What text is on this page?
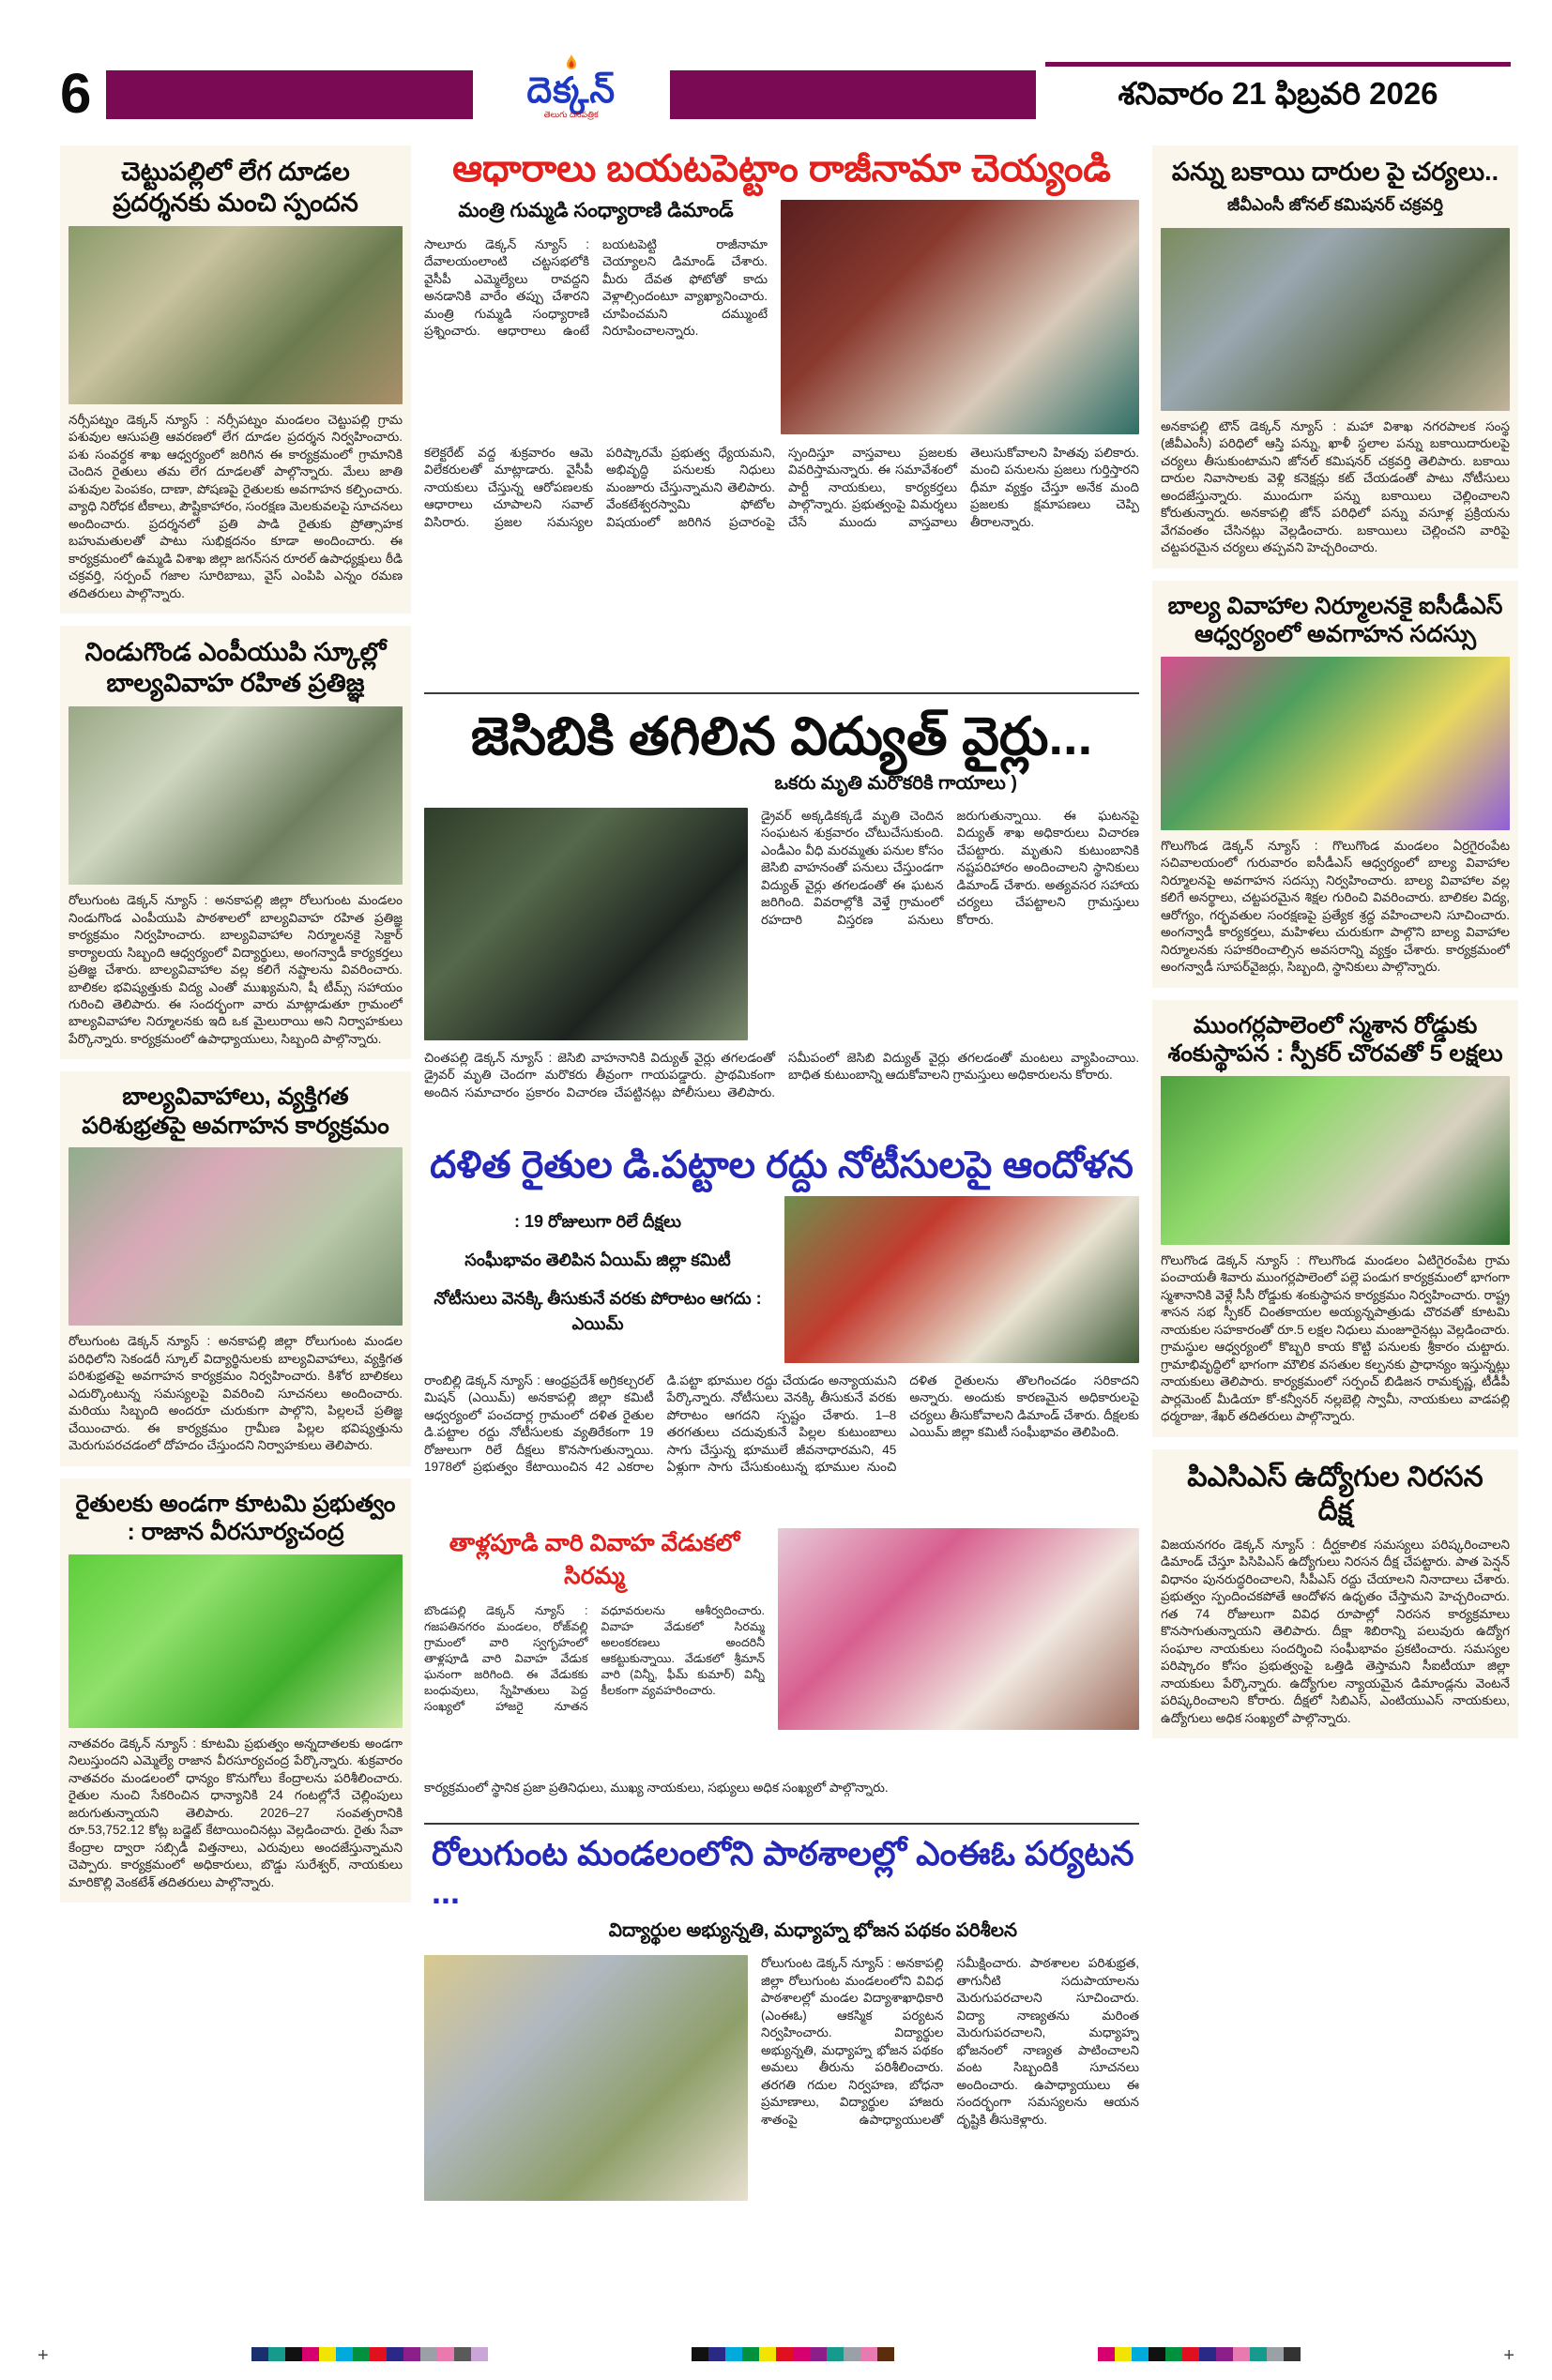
6	దెక్కన్
తెలుగు దినపత్రిక
శనివారం 21 ఫిబ్రవరి 2026
చెట్టుపల్లిలో లేగ దూడల ప్రదర్శనకు మంచి స్పందన
నర్సీపట్నం డెక్కన్ న్యూస్ : నర్సీపట్నం మండలం చెట్టుపల్లి గ్రామ పశువుల ఆసుపత్రి ఆవరణలో లేగ దూడల ప్రదర్శన నిర్వహించారు. పశు సంవర్ధక శాఖ ఆధ్వర్యంలో జరిగిన ఈ కార్యక్రమంలో గ్రామానికి చెందిన రైతులు తమ లేగ దూడలతో పాల్గొన్నారు. మేలు జాతి పశువుల పెంపకం, దాణా, పోషణపై రైతులకు అవగాహన కల్పించారు. వ్యాధి నిరోధక టీకాలు, పౌష్టికాహారం, సంరక్షణ మెలకువలపై సూచనలు అందించారు. ప్రదర్శనలో ప్రతి పాడి రైతుకు ప్రోత్సాహక బహుమతులతో పాటు సుభిక్షదనం కూడా అందించారు. ఈ కార్యక్రమంలో ఉమ్మడి విశాఖ జిల్లా జగన్‌సన రూరల్ ఉపాధ్యక్షులు ఠీడి చక్రవర్తి, సర్పంచ్ గజాల సూరిబాబు, వైస్ ఎంపిపి ఎన్నం రమణ తదితరులు పాల్గొన్నారు.
నిండుగొండ ఎంపీయుపి స్కూల్లో బాల్యవివాహ రహిత ప్రతిజ్ఞ
రోలుగుంట డెక్కన్ న్యూస్ : అనకాపల్లి జిల్లా రోలుగుంట మండలం నిండుగొండ ఎంపీయుపి పాఠశాలలో బాల్యవివాహ రహిత ప్రతిజ్ఞ కార్యక్రమం నిర్వహించారు. బాల్యవివాహాల నిర్మూలనకై సెక్టార్ కార్యాలయ సిబ్బంది ఆధ్వర్యంలో విద్యార్థులు, అంగన్వాడీ కార్యకర్తలు ప్రతిజ్ఞ చేశారు. బాల్యవివాహాల వల్ల కలిగే నష్టాలను వివరించారు. బాలికల భవిష్యత్తుకు విద్య ఎంతో ముఖ్యమని, షీ టీమ్స్ సహాయం గురించి తెలిపారు. ఈ సందర్భంగా వారు మాట్లాడుతూ గ్రామంలో బాల్యవివాహాల నిర్మూలనకు ఇది ఒక మైలురాయి అని నిర్వాహకులు పేర్కొన్నారు. కార్యక్రమంలో ఉపాధ్యాయులు, సిబ్బంది పాల్గొన్నారు.
బాల్యవివాహాలు, వ్యక్తిగత పరిశుభ్రతపై అవగాహన కార్యక్రమం
రోలుగుంట డెక్కన్ న్యూస్ : అనకాపల్లి జిల్లా రోలుగుంట మండల పరిధిలోని సెకండరీ స్కూల్ విద్యార్థినులకు బాల్యవివాహాలు, వ్యక్తిగత పరిశుభ్రతపై అవగాహన కార్యక్రమం నిర్వహించారు. కిశోర బాలికలు ఎదుర్కొంటున్న సమస్యలపై వివరించి సూచనలు అందించారు. మరియు సిబ్బంది అందరూ చురుకుగా పాల్గొని, పిల్లలచే ప్రతిజ్ఞ చేయించారు. ఈ కార్యక్రమం గ్రామీణ పిల్లల భవిష్యత్తును మెరుగుపరచడంలో దోహదం చేస్తుందని నిర్వాహకులు తెలిపారు.
రైతులకు అండగా కూటమి ప్రభుత్వం : రాజాన వీరసూర్యచంద్ర
నాతవరం డెక్కన్ న్యూస్ : కూటమి ప్రభుత్వం అన్నదాతలకు అండగా నిలుస్తుందని ఎమ్మెల్యే రాజాన వీరసూర్యచంద్ర పేర్కొన్నారు. శుక్రవారం నాతవరం మండలంలో ధాన్యం కొనుగోలు కేంద్రాలను పరిశీలించారు. రైతుల నుంచి సేకరించిన ధాన్యానికి 24 గంటల్లోనే చెల్లింపులు జరుగుతున్నాయని తెలిపారు. 2026–27 సంవత్సరానికి రూ.53,752.12 కోట్ల బడ్జెట్ కేటాయించినట్లు వెల్లడించారు. రైతు సేవా కేంద్రాల ద్వారా సబ్సిడీ విత్తనాలు, ఎరువులు అందజేస్తున్నామని చెప్పారు. కార్యక్రమంలో అధికారులు, బొడ్డు సురేశ్వర్, నాయకులు మారికొల్లి వెంకటేశ్ తదితరులు పాల్గొన్నారు.
ఆధారాలు బయటపెట్టాం రాజీనామా చెయ్యండి
మంత్రి గుమ్మడి సంధ్యారాణి డిమాండ్
సాలూరు డెక్కన్ న్యూస్ : దేవాలయంలాంటి చట్టసభలోకి వైసీపీ ఎమ్మెల్యేలు రావద్దని అనడానికి వారేం తప్పు చేశారని మంత్రి గుమ్మడి సంధ్యారాణి ప్రశ్నించారు. ఆధారాలు ఉంటే బయటపెట్టి రాజీనామా చెయ్యాలని డిమాండ్ చేశారు. మీరు దేవత ఫోటోతో కాదు వెళ్లాల్సిందంటూ వ్యాఖ్యానించారు. చూపించమని దమ్ముంటే నిరూపించాలన్నారు.
కలెక్టరేట్ వద్ద శుక్రవారం ఆమె విలేకరులతో మాట్లాడారు. వైసీపీ నాయకులు చేస్తున్న ఆరోపణలకు ఆధారాలు చూపాలని సవాల్ విసిరారు. ప్రజల సమస్యల పరిష్కారమే ప్రభుత్వ ధ్యేయమని, అభివృద్ధి పనులకు నిధులు మంజూరు చేస్తున్నామని తెలిపారు. వేంకటేశ్వరస్వామి ఫోటోల విషయంలో జరిగిన ప్రచారంపై స్పందిస్తూ వాస్తవాలు ప్రజలకు వివరిస్తామన్నారు. ఈ సమావేశంలో పార్టీ నాయకులు, కార్యకర్తలు పాల్గొన్నారు. ప్రభుత్వంపై విమర్శలు చేసే ముందు వాస్తవాలు తెలుసుకోవాలని హితవు పలికారు. మంచి పనులను ప్రజలు గుర్తిస్తారని ధీమా వ్యక్తం చేస్తూ అనేక మంది ప్రజలకు క్షమాపణలు చెప్పి తీరాలన్నారు.
జెసిబికి తగిలిన విద్యుత్ వైర్లు...
ఒకరు మృతి మరొకరికి గాయాలు )
డ్రైవర్ అక్కడికక్కడే మృతి చెందిన సంఘటన శుక్రవారం చోటుచేసుకుంది. ఎండీఎం వీధి మరమ్మతు పనుల కోసం జెసిబి వాహనంతో పనులు చేస్తుండగా విద్యుత్ వైర్లు తగలడంతో ఈ ఘటన జరిగింది. వివరాల్లోకి వెళ్తే గ్రామంలో రహదారి విస్తరణ పనులు జరుగుతున్నాయి. ఈ ఘటనపై విద్యుత్ శాఖ అధికారులు విచారణ చేపట్టారు. మృతుని కుటుంబానికి నష్టపరిహారం అందించాలని స్థానికులు డిమాండ్ చేశారు. అత్యవసర సహాయ చర్యలు చేపట్టాలని గ్రామస్తులు కోరారు.
చింతపల్లి డెక్కన్ న్యూస్ : జెసిబి వాహనానికి విద్యుత్ వైర్లు తగలడంతో డ్రైవర్ మృతి చెందగా మరొకరు తీవ్రంగా గాయపడ్డారు. ప్రాథమికంగా అందిన సమాచారం ప్రకారం విచారణ చేపట్టినట్లు పోలీసులు తెలిపారు. సమీపంలో జెసిబి విద్యుత్ వైర్లు తగలడంతో మంటలు వ్యాపించాయి. బాధిత కుటుంబాన్ని ఆదుకోవాలని గ్రామస్తులు అధికారులను కోరారు.
దళిత రైతుల డి.పట్టాల రద్దు నోటీసులపై ఆందోళన
: 19 రోజులుగా రిలే దీక్షలు
సంఘీభావం తెలిపిన ఏయిమ్ జిల్లా కమిటీ
నోటీసులు వెనక్కి తీసుకునే వరకు పోరాటం ఆగదు : ఎయిమ్
రాంబిల్లి డెక్కన్ న్యూస్ : ఆంధ్రప్రదేశ్ అగ్రికల్చరల్ మిషన్ (ఎయిమ్) అనకాపల్లి జిల్లా కమిటీ ఆధ్వర్యంలో పంచదార్ల గ్రామంలో దళిత రైతుల డి.పట్టాల రద్దు నోటీసులకు వ్యతిరేకంగా 19 రోజులుగా రిలే దీక్షలు కొనసాగుతున్నాయి. 1978లో ప్రభుత్వం కేటాయించిన 42 ఎకరాల డి.పట్టా భూముల రద్దు చేయడం అన్యాయమని పేర్కొన్నారు. నోటీసులు వెనక్కి తీసుకునే వరకు పోరాటం ఆగదని స్పష్టం చేశారు. 1–8 తరగతులు చదువుకునే పిల్లల కుటుంబాలు సాగు చేస్తున్న భూములే జీవనాధారమని, 45 ఏళ్లుగా సాగు చేసుకుంటున్న భూముల నుంచి దళిత రైతులను తొలగించడం సరికాదని అన్నారు. అందుకు కారణమైన అధికారులపై చర్యలు తీసుకోవాలని డిమాండ్ చేశారు. దీక్షలకు ఎయిమ్ జిల్లా కమిటీ సంఘీభావం తెలిపింది.
తాళ్లపూడి వారి వివాహ వేడుకలో సిరమ్మ
బొండపల్లి డెక్కన్ న్యూస్ : గజపతినగరం మండలం, రోజ్‌వల్లి గ్రామంలో వారి స్వగృహంలో తాళ్లపూడి వారి వివాహ వేడుక ఘనంగా జరిగింది. ఈ వేడుకకు బంధువులు, స్నేహితులు పెద్ద సంఖ్యలో హాజరై నూతన వధూవరులను ఆశీర్వదించారు. వివాహ వేడుకలో సిరమ్మ అలంకరణలు అందరినీ ఆకట్టుకున్నాయి. వేడుకలో శ్రీమాన్ వారి (విన్నీ, ఫీమ్ కుమార్) విన్నీ కీలకంగా వ్యవహరించారు.
కార్యక్రమంలో స్థానిక ప్రజా ప్రతినిధులు, ముఖ్య నాయకులు, సభ్యులు అధిక సంఖ్యలో పాల్గొన్నారు.
రోలుగుంట మండలంలోని పాఠశాలల్లో ఎంఈఓ పర్యటన ...
విద్యార్థుల అభ్యున్నతి, మధ్యాహ్న భోజన పథకం పరిశీలన
రోలుగుంట డెక్కన్ న్యూస్ : అనకాపల్లి జిల్లా రోలుగుంట మండలంలోని వివిధ పాఠశాలల్లో మండల విద్యాశాఖాధికారి (ఎంఈఓ) ఆకస్మిక పర్యటన నిర్వహించారు. విద్యార్థుల అభ్యున్నతి, మధ్యాహ్న భోజన పథకం అమలు తీరును పరిశీలించారు. తరగతి గదుల నిర్వహణ, బోధనా ప్రమాణాలు, విద్యార్థుల హాజరు శాతంపై ఉపాధ్యాయులతో సమీక్షించారు. పాఠశాలల పరిశుభ్రత, తాగునీటి సదుపాయాలను మెరుగుపరచాలని సూచించారు. విద్యా నాణ్యతను మరింత మెరుగుపరచాలని, మధ్యాహ్న భోజనంలో నాణ్యత పాటించాలని వంట సిబ్బందికి సూచనలు అందించారు. ఉపాధ్యాయులు ఈ సందర్భంగా సమస్యలను ఆయన దృష్టికి తీసుకెళ్లారు.
పన్ను బకాయి దారుల పై చర్యలు..
జీవీఎంసీ జోనల్ కమిషనర్ చక్రవర్తి
అనకాపల్లి టౌన్ డెక్కన్ న్యూస్ : మహా విశాఖ నగరపాలక సంస్థ (జీవీఎంసీ) పరిధిలో ఆస్తి పన్ను, ఖాళీ స్థలాల పన్ను బకాయిదారులపై చర్యలు తీసుకుంటామని జోనల్ కమిషనర్ చక్రవర్తి తెలిపారు. బకాయి దారుల నివాసాలకు వెళ్లి కనెక్షన్లు కట్ చేయడంతో పాటు నోటీసులు అందజేస్తున్నారు. ముందుగా పన్ను బకాయిలు చెల్లించాలని కోరుతున్నారు. అనకాపల్లి జోన్ పరిధిలో పన్ను వసూళ్ల ప్రక్రియను వేగవంతం చేసినట్లు వెల్లడించారు. బకాయిలు చెల్లించని వారిపై చట్టపరమైన చర్యలు తప్పవని హెచ్చరించారు.
బాల్య వివాహాల నిర్మూలనకై ఐసీడీఎస్ ఆధ్వర్యంలో అవగాహన సదస్సు
గొలుగొండ డెక్కన్ న్యూస్ : గొలుగొండ మండలం ఏర్రగైరంపేట సచివాలయంలో గురువారం ఐసీడీఎస్ ఆధ్వర్యంలో బాల్య వివాహాల నిర్మూలనపై అవగాహన సదస్సు నిర్వహించారు. బాల్య వివాహాల వల్ల కలిగే అనర్థాలు, చట్టపరమైన శిక్షల గురించి వివరించారు. బాలికల విద్య, ఆరోగ్యం, గర్భవతుల సంరక్షణపై ప్రత్యేక శ్రద్ధ వహించాలని సూచించారు. అంగన్వాడీ కార్యకర్తలు, మహిళలు చురుకుగా పాల్గొని బాల్య వివాహాల నిర్మూలనకు సహకరించాల్సిన అవసరాన్ని వ్యక్తం చేశారు. కార్యక్రమంలో అంగన్వాడీ సూపర్‌వైజర్లు, సిబ్బంది, స్థానికులు పాల్గొన్నారు.
ముంగర్లపాలెంలో స్మశాన రోడ్డుకు శంకుస్థాపన : స్పీకర్ చొరవతో 5 లక్షలు
గొలుగొండ డెక్కన్ న్యూస్ : గొలుగొండ మండలం ఏటిగైరంపేట గ్రామ పంచాయతీ శివారు ముంగర్లపాలెంలో పల్లె పండుగ కార్యక్రమంలో భాగంగా స్మశానానికి వెళ్లే సీసీ రోడ్డుకు శంకుస్థాపన కార్యక్రమం నిర్వహించారు. రాష్ట్ర శాసన సభ స్పీకర్ చింతకాయల అయ్యన్నపాత్రుడు చొరవతో కూటమి నాయకుల సహకారంతో రూ.5 లక్షల నిధులు మంజూరైనట్లు వెల్లడించారు. గ్రామస్థుల ఆధ్వర్యంలో కొబ్బరి కాయ కొట్టి పనులకు శ్రీకారం చుట్టారు. గ్రామాభివృద్ధిలో భాగంగా మౌలిక వసతుల కల్పనకు ప్రాధాన్యం ఇస్తున్నట్లు నాయకులు తెలిపారు. కార్యక్రమంలో సర్పంచ్ బిడిజన రామకృష్ణ, టీడీపీ పార్లమెంట్ మీడియా కో-కన్వీనర్ నల్లబెల్లి స్వామీ, నాయకులు వాడపల్లి ధర్మరాజు, శేఖర్ తదితరులు పాల్గొన్నారు.
పిఎసిఎస్ ఉద్యోగుల నిరసన దీక్ష
విజయనగరం డెక్కన్ న్యూస్ : దీర్ఘకాలిక సమస్యలు పరిష్కరించాలని డిమాండ్ చేస్తూ పిసిపిఎస్ ఉద్యోగులు నిరసన దీక్ష చేపట్టారు. పాత పెన్షన్ విధానం పునరుద్ధరించాలని, సీపీఎస్ రద్దు చేయాలని నినాదాలు చేశారు. ప్రభుత్వం స్పందించకపోతే ఆందోళన ఉధృతం చేస్తామని హెచ్చరించారు. గత 74 రోజులుగా వివిధ రూపాల్లో నిరసన కార్యక్రమాలు కొనసాగుతున్నాయని తెలిపారు. దీక్షా శిబిరాన్ని పలువురు ఉద్యోగ సంఘాల నాయకులు సందర్శించి సంఘీభావం ప్రకటించారు. సమస్యల పరిష్కారం కోసం ప్రభుత్వంపై ఒత్తిడి తెస్తామని సీఐటీయూ జిల్లా నాయకులు పేర్కొన్నారు. ఉద్యోగుల న్యాయమైన డిమాండ్లను వెంటనే పరిష్కరించాలని కోరారు. దీక్షలో సిబిఎస్, ఎంటియుఎస్ నాయకులు, ఉద్యోగులు అధిక సంఖ్యలో పాల్గొన్నారు.
+	+
